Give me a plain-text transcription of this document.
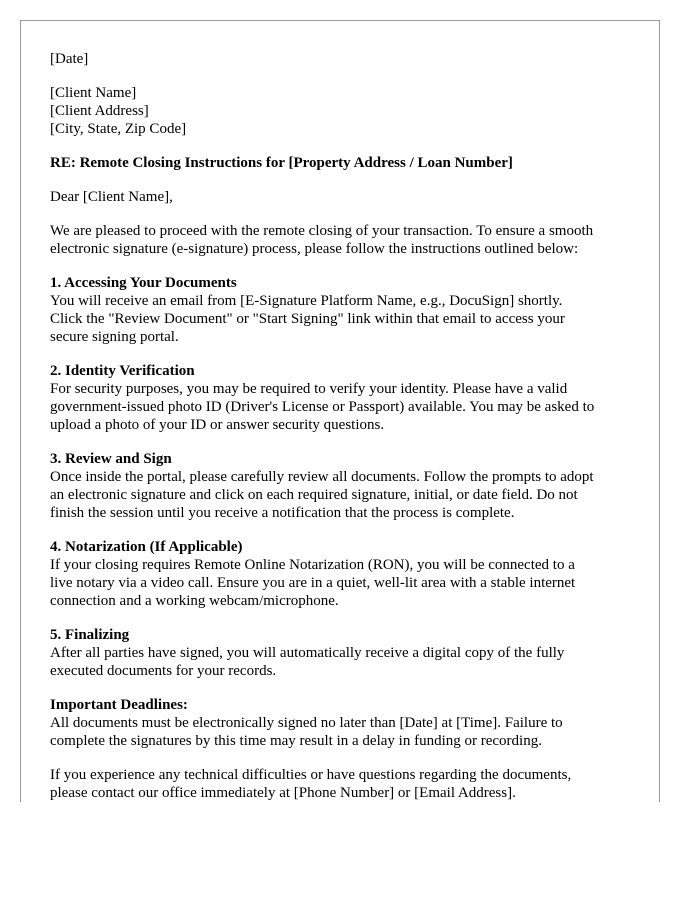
[Date]
[Client Name]
[Client Address]
[City, State, Zip Code]
RE: Remote Closing Instructions for [Property Address / Loan Number]
Dear [Client Name],
We are pleased to proceed with the remote closing of your transaction. To ensure a smooth
electronic signature (e-signature) process, please follow the instructions outlined below:
1. Accessing Your Documents
You will receive an email from [E-Signature Platform Name, e.g., DocuSign] shortly.
Click the "Review Document" or "Start Signing" link within that email to access your
secure signing portal.
2. Identity Verification
For security purposes, you may be required to verify your identity. Please have a valid
government-issued photo ID (Driver's License or Passport) available. You may be asked to
upload a photo of your ID or answer security questions.
3. Review and Sign
Once inside the portal, please carefully review all documents. Follow the prompts to adopt
an electronic signature and click on each required signature, initial, or date field. Do not
finish the session until you receive a notification that the process is complete.
4. Notarization (If Applicable)
If your closing requires Remote Online Notarization (RON), you will be connected to a
live notary via a video call. Ensure you are in a quiet, well-lit area with a stable internet
connection and a working webcam/microphone.
5. Finalizing
After all parties have signed, you will automatically receive a digital copy of the fully
executed documents for your records.
Important Deadlines:
All documents must be electronically signed no later than [Date] at [Time]. Failure to
complete the signatures by this time may result in a delay in funding or recording.
If you experience any technical difficulties or have questions regarding the documents,
please contact our office immediately at [Phone Number] or [Email Address].
